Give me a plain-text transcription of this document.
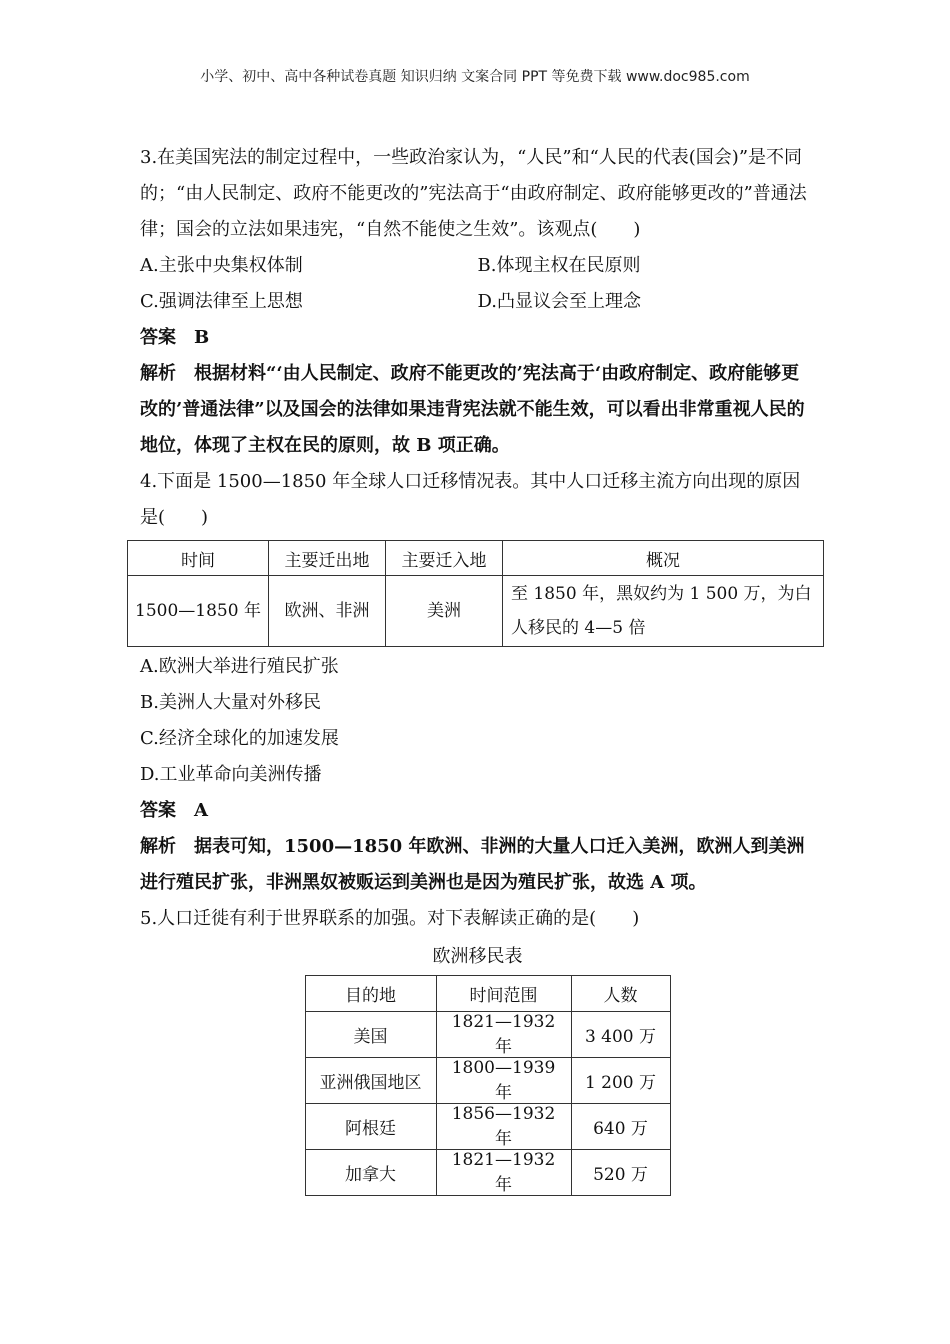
小学、初中、高中各种试卷真题 知识归纳 文案合同 PPT 等免费下载 www.doc985.com

3.在美国宪法的制定过程中，一些政治家认为，“人民”和“人民的代表(国会)”是不同的；“由人民制定、政府不能更改的”宪法高于“由政府制定、政府能够更改的”普通法律；国会的立法如果违宪，“自然不能使之生效”。该观点(　　)

A.主张中央集权体制	B.体现主权在民原则
C.强调法律至上思想	D.凸显议会至上理念

答案　B

解析　根据材料“‘由人民制定、政府不能更改的’宪法高于‘由政府制定、政府能够更改的’普通法律”以及国会的法律如果违背宪法就不能生效，可以看出非常重视人民的地位，体现了主权在民的原则，故 B 项正确。

4.下面是 1500—1850 年全球人口迁移情况表。其中人口迁移主流方向出现的原因是(　　)

时间	主要迁出地	主要迁入地	概况
1500—1850 年	欧洲、非洲	美洲	至 1850 年，黑奴约为 1 500 万，为白人移民的 4—5 倍
A.欧洲大举进行殖民扩张
B.美洲人大量对外移民
C.经济全球化的加速发展
D.工业革命向美洲传播

答案　A

解析　据表可知，1500—1850 年欧洲、非洲的大量人口迁入美洲，欧洲人到美洲进行殖民扩张，非洲黑奴被贩运到美洲也是因为殖民扩张，故选 A 项。

5.人口迁徙有利于世界联系的加强。对下表解读正确的是(　　)

欧洲移民表
目的地	时间范围	人数
美国	1821—1932 年	3 400 万
亚洲俄国地区	1800—1939 年	1 200 万
阿根廷	1856—1932 年	640 万
加拿大	1821—1932 年	520 万
